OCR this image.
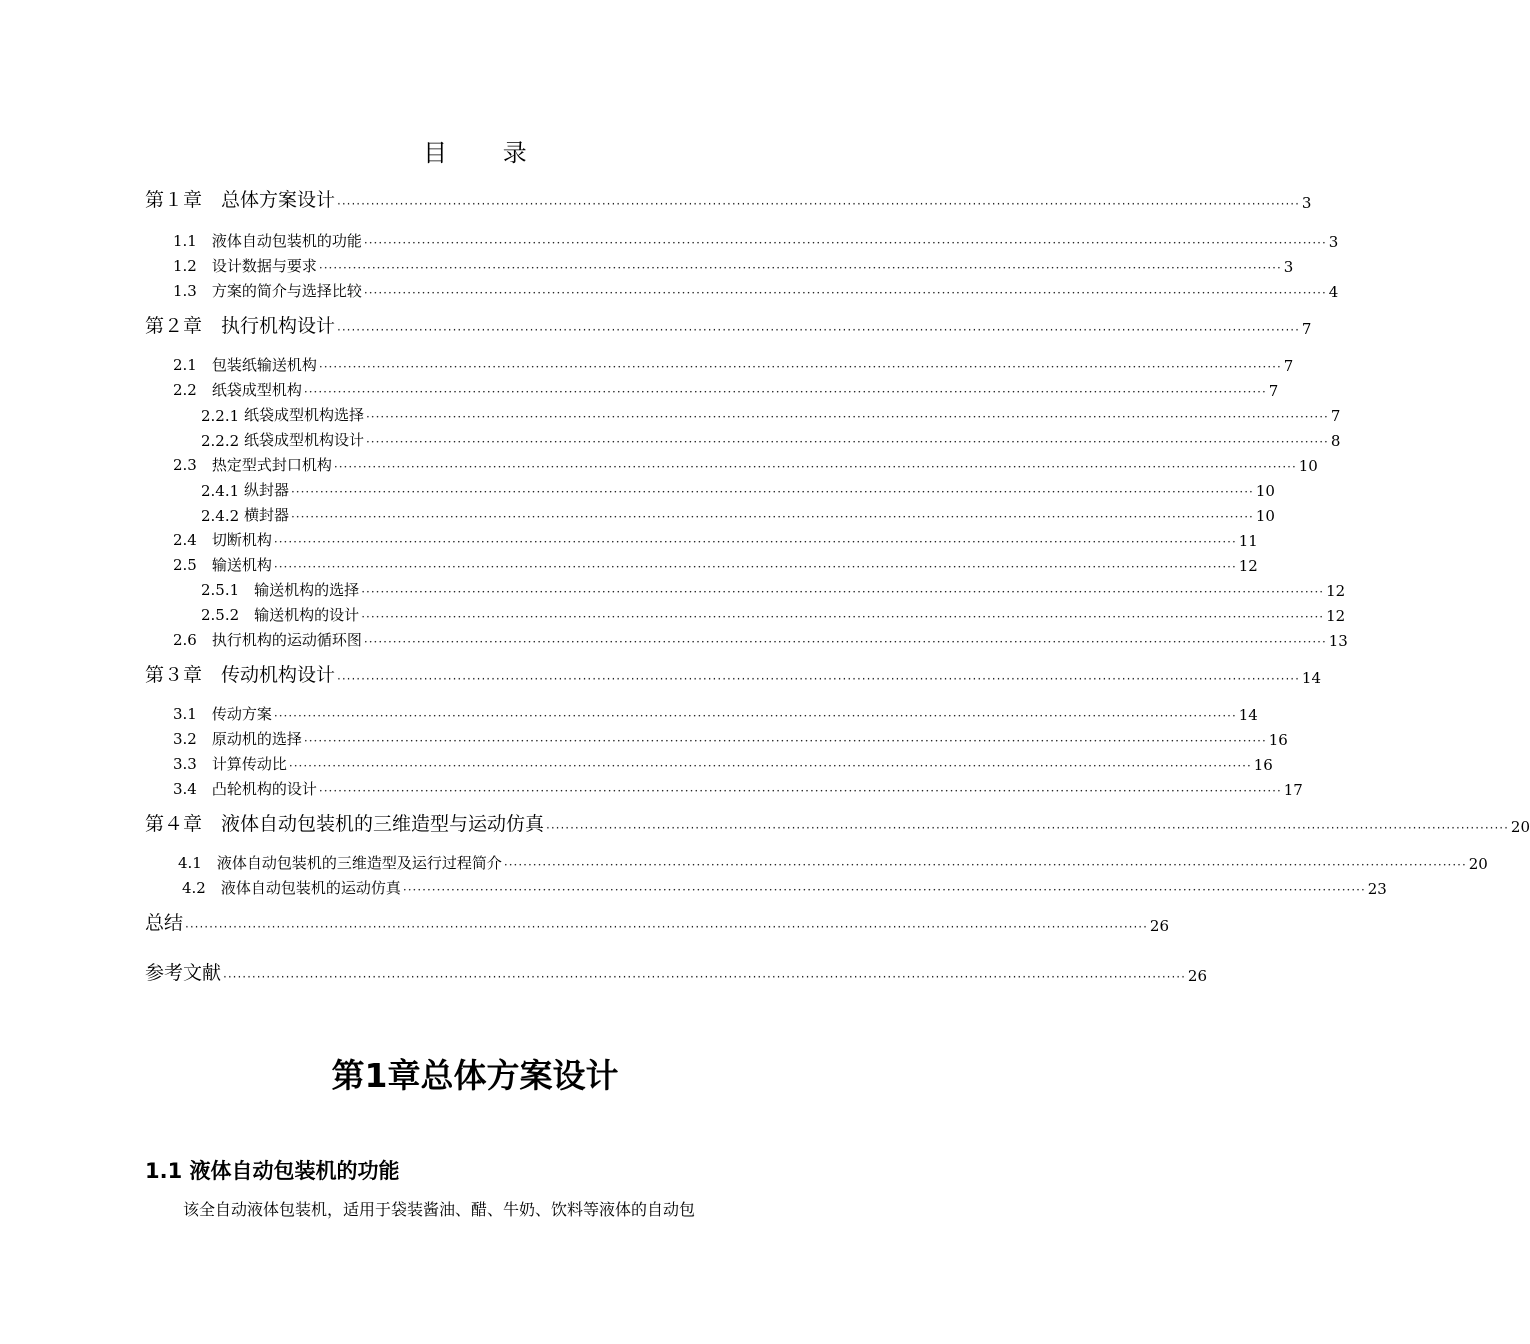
目 录
第１章　 总体方案设计 ········································································································································································································ 3
1.1　 液体自动包装机的功能 ········································································································································································································ 3
1.2　 设计数据与要求 ········································································································································································································ 3
1.3　 方案的简介与选择比较 ········································································································································································································ 4
第２章　 执行机构设计 ········································································································································································································ 7
2.1　 包装纸输送机构 ········································································································································································································ 7
2.2　 纸袋成型机构 ········································································································································································································ 7
2.2.1 纸袋成型机构选择 ········································································································································································································ 7
2.2.2 纸袋成型机构设计 ········································································································································································································ 8
2.3　 热定型式封口机构 ········································································································································································································ 10
2.4.1 纵封器 ········································································································································································································ 10
2.4.2 横封器 ········································································································································································································ 10
2.4　 切断机构 ········································································································································································································ 11
2.5　 输送机构 ········································································································································································································ 12
2.5.1　 输送机构的选择 ········································································································································································································ 12
2.5.2　 输送机构的设计 ········································································································································································································ 12
2.6　 执行机构的运动循环图 ········································································································································································································ 13
第３章　 传动机构设计 ········································································································································································································ 14
3.1　 传动方案 ········································································································································································································ 14
3.2　 原动机的选择 ········································································································································································································ 16
3.3　 计算传动比 ········································································································································································································ 16
3.4　 凸轮机构的设计 ········································································································································································································ 17
第４章　 液体自动包装机的三维造型与运动仿真 ········································································································································································································ 20
4.1　 液体自动包装机的三维造型及运行过程简介 ········································································································································································································ 20
4.2　 液体自动包装机的运动仿真 ········································································································································································································ 23
总结 ········································································································································································································ 26
参考文献 ········································································································································································································ 26
第1章总体方案设计
1.1 液体自动包装机的功能
该全自动液体包装机，适用于袋装酱油、醋、牛奶、饮料等液体的自动包
